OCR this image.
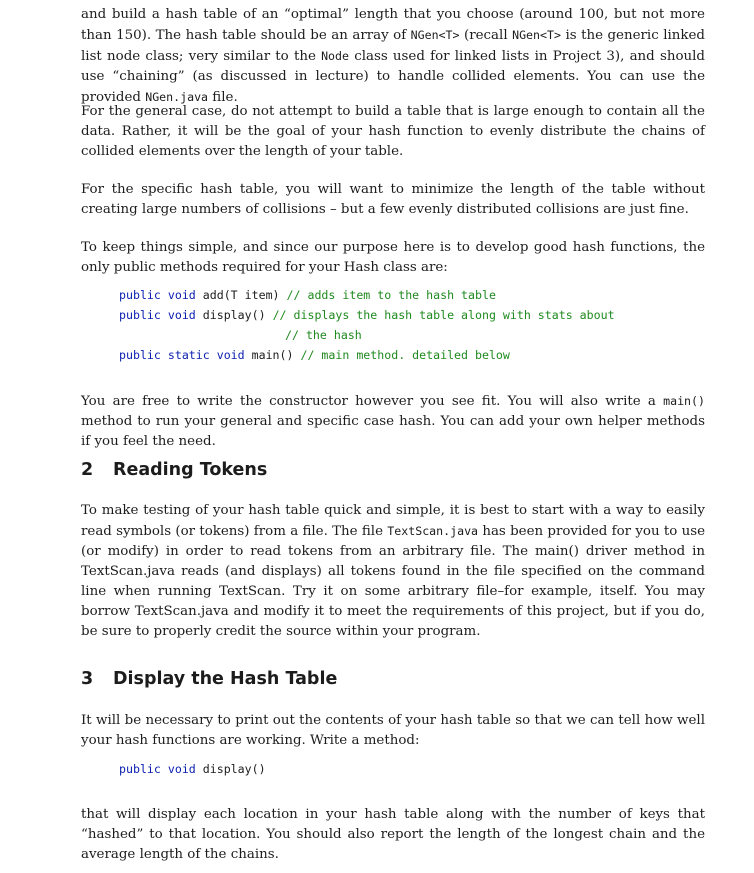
and build a hash table of an “optimal” length that you choose (around 100, but not more than 150). The hash table should be an array of NGen<T> (recall NGen<T> is the generic linked list node class; very similar to the Node class used for linked lists in Project 3), and should use “chaining” (as discussed in lecture) to handle collided elements. You can use the provided NGen.java file.

For the general case, do not attempt to build a table that is large enough to contain all the data. Rather, it will be the goal of your hash function to evenly distribute the chains of collided elements over the length of your table.

For the specific hash table, you will want to minimize the length of the table without creating large numbers of collisions – but a few evenly distributed collisions are just fine.

To keep things simple, and since our purpose here is to develop good hash functions, the only public methods required for your Hash class are:

public void add(T item) // adds item to the hash table
public void display() // displays the hash table along with stats about
// the hash
public static void main() // main method. detailed below

You are free to write the constructor however you see fit. You will also write a main() method to run your general and specific case hash. You can add your own helper methods if you feel the need.

2 Reading Tokens

To make testing of your hash table quick and simple, it is best to start with a way to easily read symbols (or tokens) from a file. The file TextScan.java has been provided for you to use (or modify) in order to read tokens from an arbitrary file. The main() driver method in TextScan.java reads (and displays) all tokens found in the file specified on the command line when running TextScan. Try it on some arbitrary file–for example, itself. You may borrow TextScan.java and modify it to meet the requirements of this project, but if you do, be sure to properly credit the source within your program.

3 Display the Hash Table

It will be necessary to print out the contents of your hash table so that we can tell how well your hash functions are working. Write a method:

public void display()

that will display each location in your hash table along with the number of keys that “hashed” to that location. You should also report the length of the longest chain and the average length of the chains.
